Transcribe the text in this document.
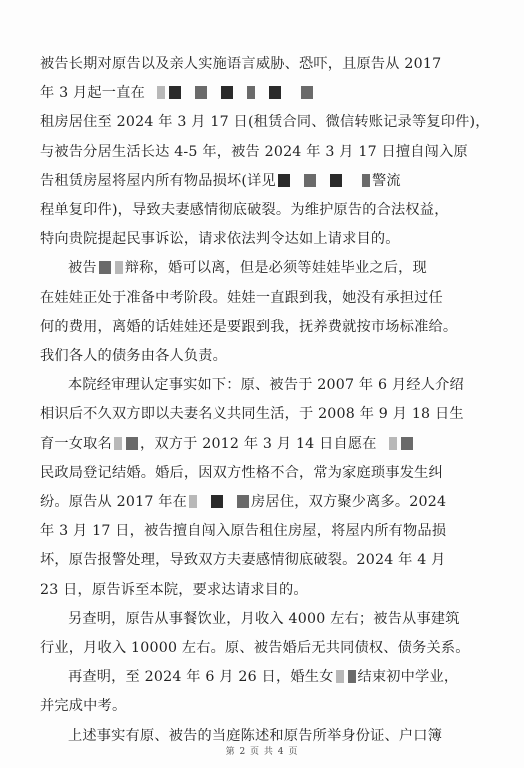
被告长期对原告以及亲人实施语言威胁、恐吓，且原告从 2017
年 3 月起一直在
租房居住至 2024 年 3 月 17 日(租赁合同、微信转账记录等复印件)，
与被告分居生活长达 4-5 年，被告 2024 年 3 月 17 日擅自闯入原
告租赁房屋将屋内所有物品损坏(详见	警流
程单复印件)，导致夫妻感情彻底破裂。为维护原告的合法权益，
特向贵院提起民事诉讼，请求依法判令达如上请求目的。

被告 辩称，婚可以离，但是必须等娃娃毕业之后，现
在娃娃正处于准备中考阶段。娃娃一直跟到我，她没有承担过任
何的费用，离婚的话娃娃还是要跟到我，抚养费就按市场标准给。
我们各人的债务由各人负责。

本院经审理认定事实如下：原、被告于 2007 年 6 月经人介绍
相识后不久双方即以夫妻名义共同生活，于 2008 年 9 月 18 日生
育一女取名 ，双方于 2012 年 3 月 14 日自愿在
民政局登记结婚。婚后，因双方性格不合，常为家庭琐事发生纠
纷。原告从 2017 年在	房居住，双方聚少离多。2024
年 3 月 17 日，被告擅自闯入原告租住房屋，将屋内所有物品损
坏，原告报警处理，导致双方夫妻感情彻底破裂。2024 年 4 月
23 日，原告诉至本院，要求达请求目的。

另查明，原告从事餐饮业，月收入 4000 左右；被告从事建筑
行业，月收入 10000 左右。原、被告婚后无共同债权、债务关系。

再查明，至 2024 年 6 月 26 日，婚生女 结束初中学业，
并完成中考。

上述事实有原、被告的当庭陈述和原告所举身份证、户口簿

第 2 页 共 4 页
